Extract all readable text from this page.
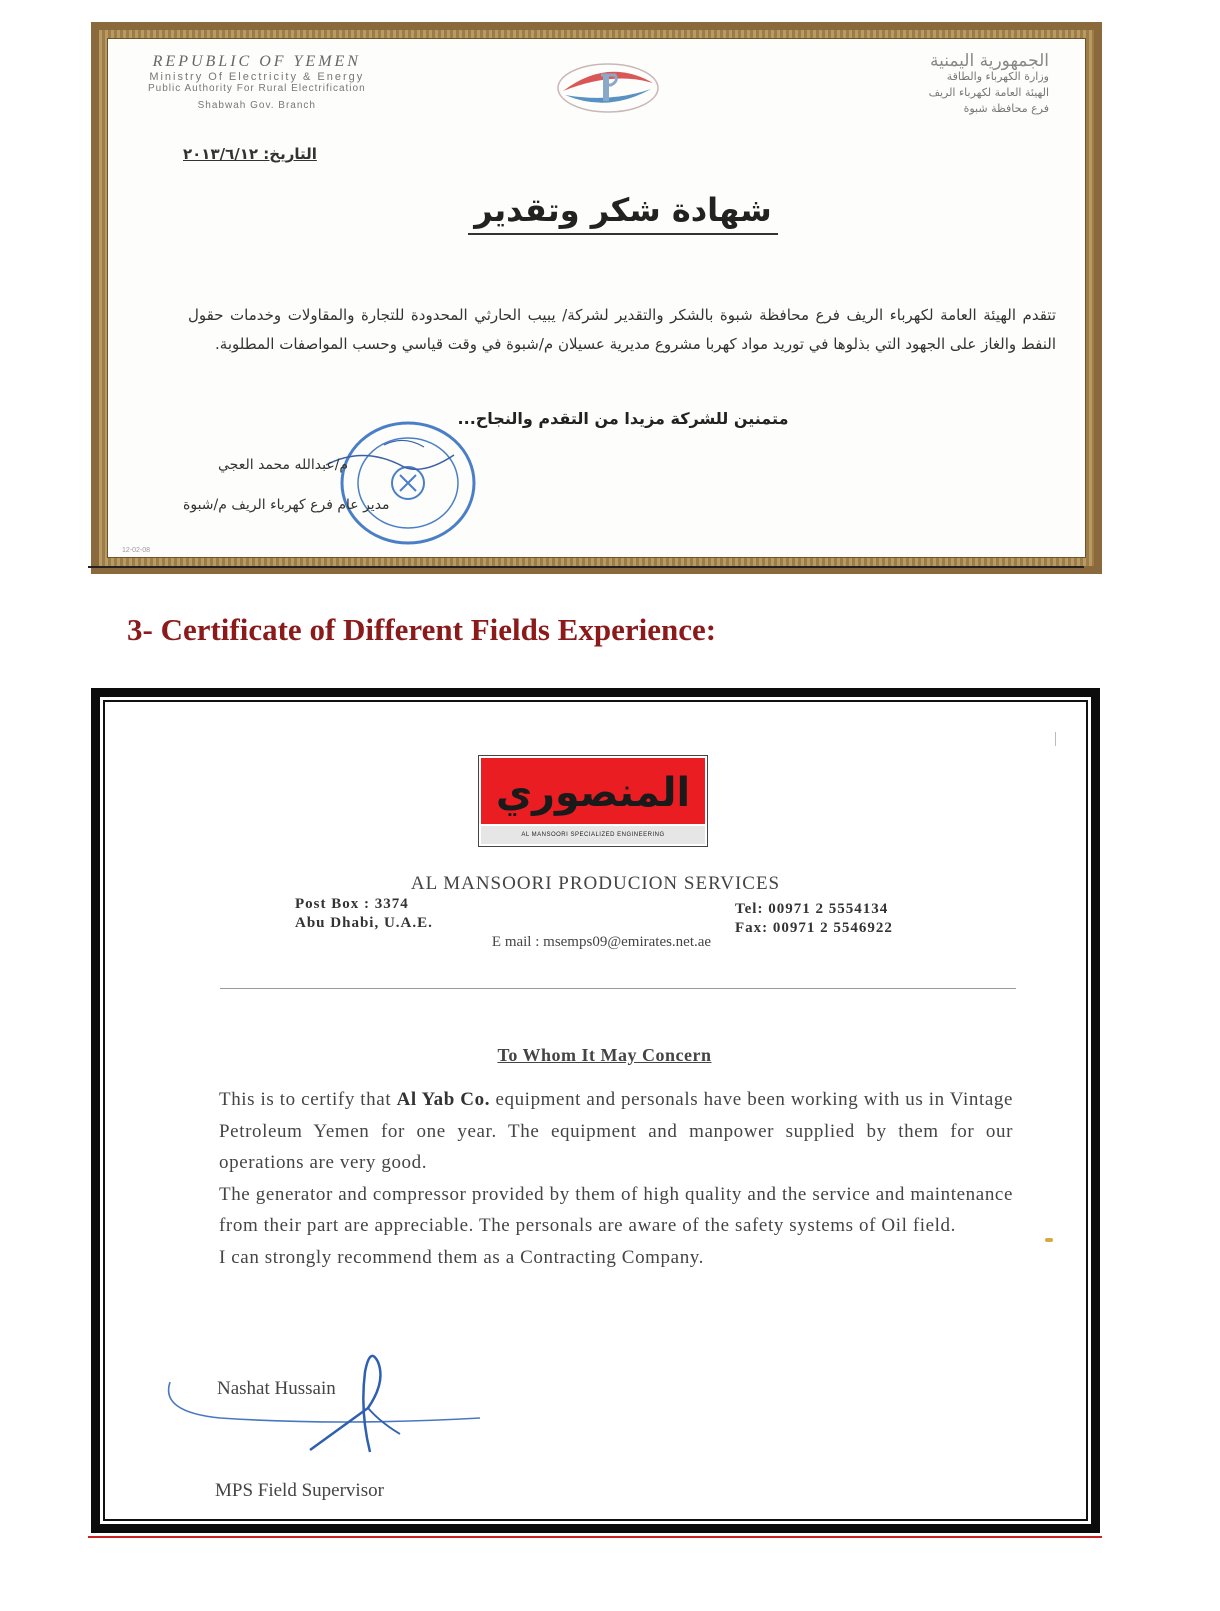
REPUBLIC OF YEMEN
Ministry Of Electricity & Energy
Public Authority For Rural Electrification
Shabwah Gov. Branch
الجمهورية اليمنية
وزارة الكهرباء والطاقة
الهيئة العامة لكهرباء الريف
فرع محافظة شبوة
التاريخ: ٢٠١٣/٦/١٢
شهادة شكر وتقدير
تتقدم الهيئة العامة لكهرباء الريف فرع محافظة شبوة بالشكر والتقدير لشركة/ يبيب الحارثي المحدودة للتجارة والمقاولات وخدمات حقول النفط والغاز على الجهود التي بذلوها في توريد مواد كهربا مشروع مديرية عسيلان م/شبوة في وقت قياسي وحسب المواصفات المطلوبة.
متمنين للشركة مزيدا من التقدم والنجاح...
م/عبدالله محمد العجي
مدير عام فرع كهرباء الريف م/شبوة
12-02-08
3- Certificate of Different Fields Experience:
المنصوري
AL MANSOORI SPECIALIZED ENGINEERING
AL MANSOORI PRODUCION SERVICES
Post Box : 3374
Abu Dhabi, U.A.E.
Tel: 00971 2 5554134
Fax: 00971 2 5546922
E mail : msemps09@emirates.net.ae
To Whom It May Concern

This is to certify that Al Yab Co. equipment and personals have been working with us in Vintage Petroleum Yemen for one year. The equipment and manpower supplied by them for our operations are very good.

The generator and compressor provided by them of high quality and the service and maintenance from their part are appreciable. The personals are aware of the safety systems of Oil field.

I can strongly recommend them as a Contracting Company.

Nashat Hussain
MPS Field Supervisor
